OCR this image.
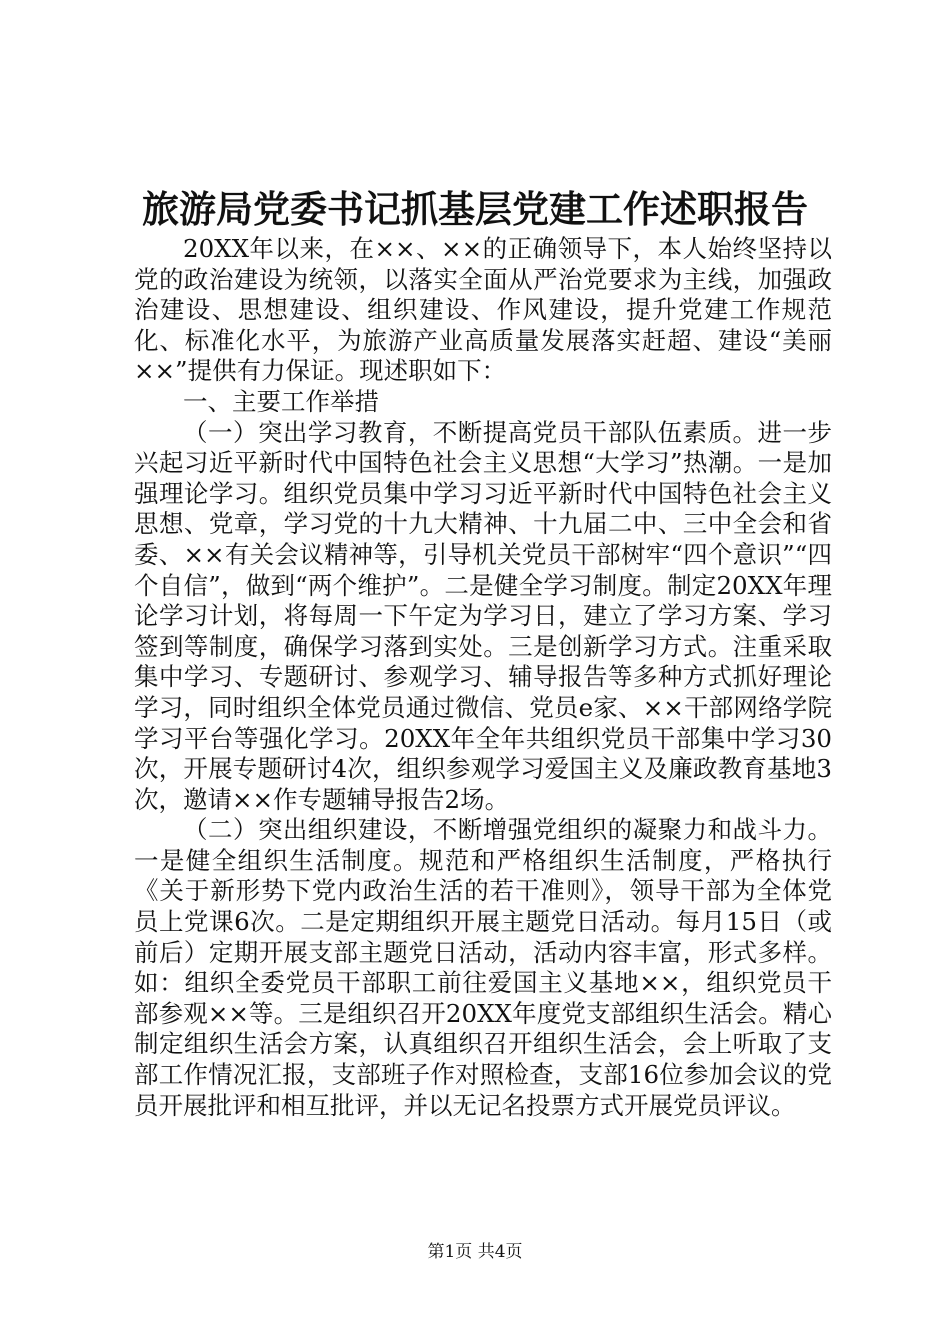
旅游局党委书记抓基层党建工作述职报告

20XX年以来，在××、××的正确领导下，本人始终坚持以党的政治建设为统领，以落实全面从严治党要求为主线，加强政治建设、思想建设、组织建设、作风建设，提升党建工作规范化、标准化水平，为旅游产业高质量发展落实赶超、建设“美丽××”提供有力保证。现述职如下：

一、主要工作举措

（一）突出学习教育，不断提高党员干部队伍素质。进一步兴起习近平新时代中国特色社会主义思想“大学习”热潮。一是加强理论学习。组织党员集中学习习近平新时代中国特色社会主义思想、党章，学习党的十九大精神、十九届二中、三中全会和省委、××有关会议精神等，引导机关党员干部树牢“四个意识”“四个自信”，做到“两个维护”。二是健全学习制度。制定20XX年理论学习计划，将每周一下午定为学习日，建立了学习方案、学习签到等制度，确保学习落到实处。三是创新学习方式。注重采取集中学习、专题研讨、参观学习、辅导报告等多种方式抓好理论学习，同时组织全体党员通过微信、党员e家、××干部网络学院学习平台等强化学习。20XX年全年共组织党员干部集中学习30次，开展专题研讨4次，组织参观学习爱国主义及廉政教育基地3次，邀请××作专题辅导报告2场。

（二）突出组织建设，不断增强党组织的凝聚力和战斗力。一是健全组织生活制度。规范和严格组织生活制度，严格执行《关于新形势下党内政治生活的若干准则》，领导干部为全体党员上党课6次。二是定期组织开展主题党日活动。每月15日（或前后）定期开展支部主题党日活动，活动内容丰富，形式多样。如：组织全委党员干部职工前往爱国主义基地××，组织党员干部参观××等。三是组织召开20XX年度党支部组织生活会。精心制定组织生活会方案，认真组织召开组织生活会，会上听取了支部工作情况汇报，支部班子作对照检查，支部16位参加会议的党员开展批评和相互批评，并以无记名投票方式开展党员评议。

第1页 共4页
